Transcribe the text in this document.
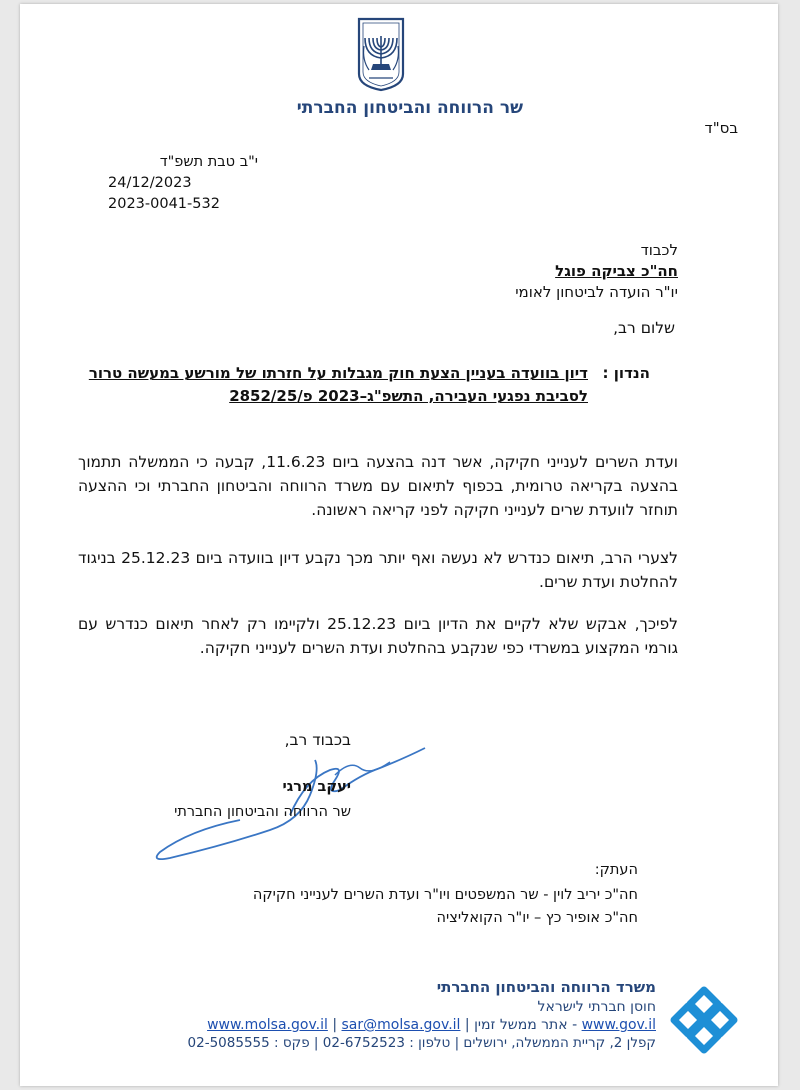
שר הרווחה והביטחון החברתי
בס"ד
י"ב טבת תשפ"ד
24/12/2023
2023-0041-532
לכבוד
חה"כ צביקה פוגל
יו"ר הועדה לביטחון לאומי
שלום רב,
הנדון :
דיון בוועדה בעניין הצעת חוק מגבלות על חזרתו של מורשע במעשה טרור
לסביבת נפגעי העבירה, התשפ"ג–2023 פ/2852/25
ועדת השרים לענייני חקיקה, אשר דנה בהצעה ביום 11.6.23, קבעה כי הממשלה תתמוך בהצעה בקריאה טרומית, בכפוף לתיאום עם משרד הרווחה והביטחון החברתי וכי ההצעה תוחזר לוועדת שרים לענייני חקיקה לפני קריאה ראשונה.
לצערי הרב, תיאום כנדרש לא נעשה ואף יותר מכך נקבע דיון בוועדה ביום 25.12.23 בניגוד להחלטת ועדת שרים.
לפיכך, אבקש שלא לקיים את הדיון ביום 25.12.23 ולקיימו רק לאחר תיאום כנדרש עם גורמי המקצוע במשרדי כפי שנקבע בהחלטת ועדת השרים לענייני חקיקה.
בכבוד רב,
יעקב מרגי
שר הרווחה והביטחון החברתי
העתק:
חה"כ יריב לוין - שר המשפטים ויו"ר ועדת השרים לענייני חקיקה
חה"כ אופיר כץ – יו"ר הקואליציה
משרד הרווחה והביטחון החברתי
חוסן חברתי לישראל
www.molsa.gov.il | sar@molsa.gov.il | אתר ממשל זמין - www.gov.il
קפלן 2, קריית הממשלה, ירושלים | טלפון : 02-6752523 | פקס : 02-5085555
